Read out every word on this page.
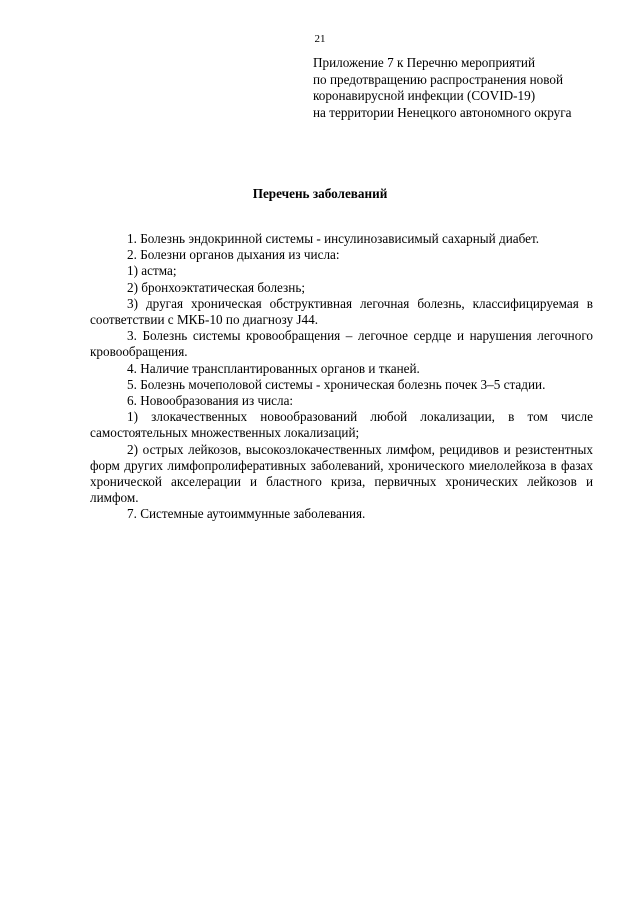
21
Приложение 7 к Перечню мероприятий
по предотвращению распространения новой
коронавирусной инфекции (COVID-19)
на территории Ненецкого автономного округа
Перечень заболеваний

1. Болезнь эндокринной системы - инсулинозависимый сахарный диабет.

2. Болезни органов дыхания из числа:

1) астма;

2) бронхоэктатическая болезнь;

3) другая хроническая обструктивная легочная болезнь, классифицируемая в соответствии с МКБ-10 по диагнозу J44.

3. Болезнь системы кровообращения – легочное сердце и нарушения легочного кровообращения.

4. Наличие трансплантированных органов и тканей.

5. Болезнь мочеполовой системы - хроническая болезнь почек 3–5 стадии.

6. Новообразования из числа:

1) злокачественных новообразований любой локализации, в том числе самостоятельных множественных локализаций;

2) острых лейкозов, высокозлокачественных лимфом, рецидивов и резистентных форм других лимфопролиферативных заболеваний, хронического миелолейкоза в фазах хронической акселерации и бластного криза, первичных хронических лейкозов и лимфом.

7. Системные аутоиммунные заболевания.
